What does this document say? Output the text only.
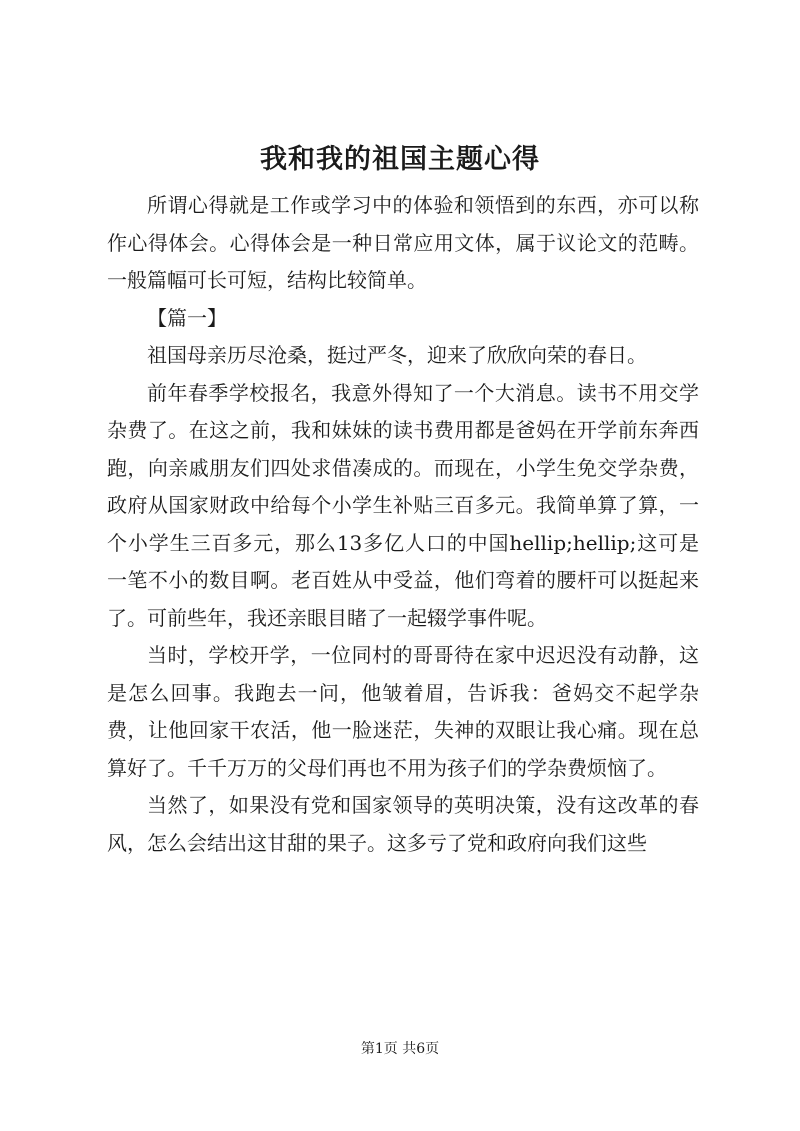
我和我的祖国主题心得

所谓心得就是工作或学习中的体验和领悟到的东西，亦可以称作心得体会。心得体会是一种日常应用文体，属于议论文的范畴。一般篇幅可长可短，结构比较简单。

【篇一】

祖国母亲历尽沧桑，挺过严冬，迎来了欣欣向荣的春日。

前年春季学校报名，我意外得知了一个大消息。读书不用交学杂费了。在这之前，我和妹妹的读书费用都是爸妈在开学前东奔西跑，向亲戚朋友们四处求借凑成的。而现在，小学生免交学杂费，政府从国家财政中给每个小学生补贴三百多元。我简单算了算，一个小学生三百多元，那么13多亿人口的中国hellip;hellip;这可是一笔不小的数目啊。老百姓从中受益，他们弯着的腰杆可以挺起来了。可前些年，我还亲眼目睹了一起辍学事件呢。

当时，学校开学，一位同村的哥哥待在家中迟迟没有动静，这是怎么回事。我跑去一问，他皱着眉，告诉我：爸妈交不起学杂费，让他回家干农活，他一脸迷茫，失神的双眼让我心痛。现在总算好了。千千万万的父母们再也不用为孩子们的学杂费烦恼了。

当然了，如果没有党和国家领导的英明决策，没有这改革的春风，怎么会结出这甘甜的果子。这多亏了党和政府向我们这些

第1页 共6页
